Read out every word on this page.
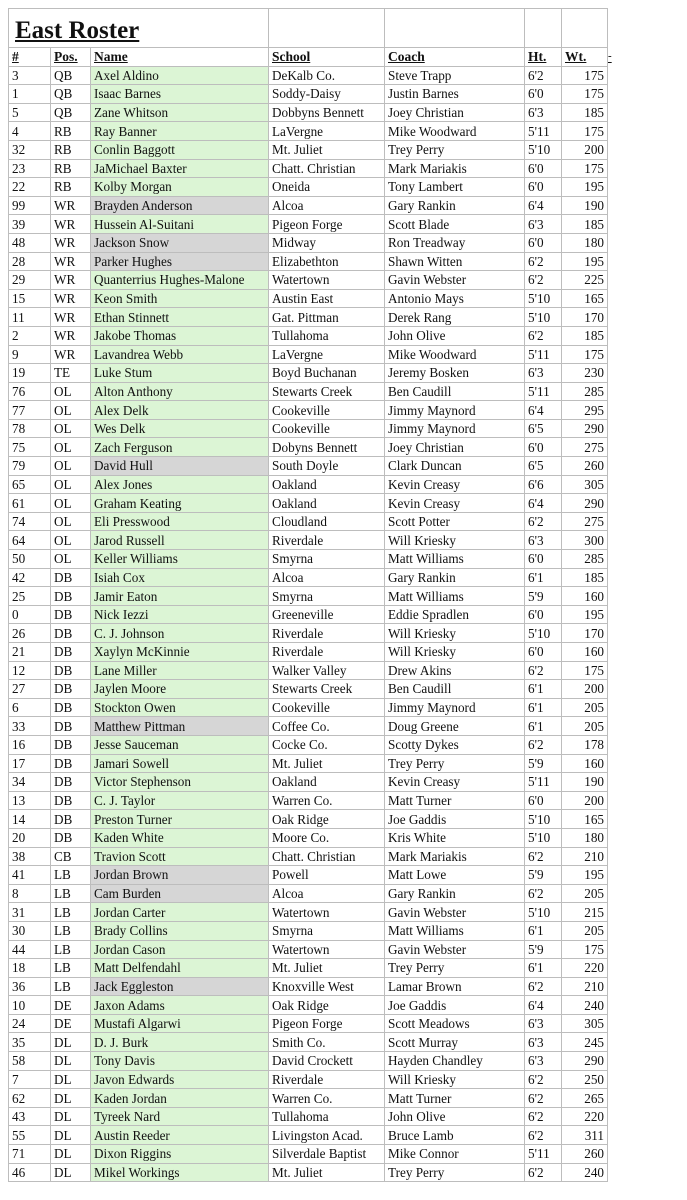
East Roster							
#	Pos.	Name	School	Coach	Ht.	Wt.	-
3	QB	Axel Aldino	DeKalb Co.	Steve Trapp	6'2	175	
1	QB	Isaac Barnes	Soddy-Daisy	Justin Barnes	6'0	175	
5	QB	Zane Whitson	Dobbyns Bennett	Joey Christian	6'3	185	
4	RB	Ray Banner	LaVergne	Mike Woodward	5'11	175	
32	RB	Conlin Baggott	Mt. Juliet	Trey Perry	5'10	200	
23	RB	JaMichael Baxter	Chatt. Christian	Mark Mariakis	6'0	175	
22	RB	Kolby Morgan	Oneida	Tony Lambert	6'0	195	
99	WR	Brayden Anderson	Alcoa	Gary Rankin	6'4	190	
39	WR	Hussein Al-Suitani	Pigeon Forge	Scott Blade	6'3	185	
48	WR	Jackson Snow	Midway	Ron Treadway	6'0	180	
28	WR	Parker Hughes	Elizabethton	Shawn Witten	6'2	195	
29	WR	Quanterrius Hughes-Malone	Watertown	Gavin Webster	6'2	225	
15	WR	Keon Smith	Austin East	Antonio Mays	5'10	165	
11	WR	Ethan Stinnett	Gat. Pittman	Derek Rang	5'10	170	
2	WR	Jakobe Thomas	Tullahoma	John Olive	6'2	185	
9	WR	Lavandrea Webb	LaVergne	Mike Woodward	5'11	175	
19	TE	Luke Stum	Boyd Buchanan	Jeremy Bosken	6'3	230	
76	OL	Alton Anthony	Stewarts Creek	Ben Caudill	5'11	285	
77	OL	Alex Delk	Cookeville	Jimmy Maynord	6'4	295	
78	OL	Wes Delk	Cookeville	Jimmy Maynord	6'5	290	
75	OL	Zach Ferguson	Dobyns Bennett	Joey Christian	6'0	275	
79	OL	David Hull	South Doyle	Clark Duncan	6'5	260	
65	OL	Alex Jones	Oakland	Kevin Creasy	6'6	305	
61	OL	Graham Keating	Oakland	Kevin Creasy	6'4	290	
74	OL	Eli Presswood	Cloudland	Scott Potter	6'2	275	
64	OL	Jarod Russell	Riverdale	Will Kriesky	6'3	300	
50	OL	Keller Williams	Smyrna	Matt Williams	6'0	285	
42	DB	Isiah Cox	Alcoa	Gary Rankin	6'1	185	
25	DB	Jamir Eaton	Smyrna	Matt Williams	5'9	160	
0	DB	Nick Iezzi	Greeneville	Eddie Spradlen	6'0	195	
26	DB	C. J. Johnson	Riverdale	Will Kriesky	5'10	170	
21	DB	Xaylyn McKinnie	Riverdale	Will Kriesky	6'0	160	
12	DB	Lane Miller	Walker Valley	Drew Akins	6'2	175	
27	DB	Jaylen Moore	Stewarts Creek	Ben Caudill	6'1	200	
6	DB	Stockton Owen	Cookeville	Jimmy Maynord	6'1	205	
33	DB	Matthew Pittman	Coffee Co.	Doug Greene	6'1	205	
16	DB	Jesse Sauceman	Cocke Co.	Scotty Dykes	6'2	178	
17	DB	Jamari Sowell	Mt. Juliet	Trey Perry	5'9	160	
34	DB	Victor Stephenson	Oakland	Kevin Creasy	5'11	190	
13	DB	C. J. Taylor	Warren Co.	Matt Turner	6'0	200	
14	DB	Preston Turner	Oak Ridge	Joe Gaddis	5'10	165	
20	DB	Kaden White	Moore Co.	Kris White	5'10	180	
38	CB	Travion Scott	Chatt. Christian	Mark Mariakis	6'2	210	
41	LB	Jordan Brown	Powell	Matt Lowe	5'9	195	
8	LB	Cam Burden	Alcoa	Gary Rankin	6'2	205	
31	LB	Jordan Carter	Watertown	Gavin Webster	5'10	215	
30	LB	Brady Collins	Smyrna	Matt Williams	6'1	205	
44	LB	Jordan Cason	Watertown	Gavin Webster	5'9	175	
18	LB	Matt Delfendahl	Mt. Juliet	Trey Perry	6'1	220	
36	LB	Jack Eggleston	Knoxville West	Lamar Brown	6'2	210	
10	DE	Jaxon Adams	Oak Ridge	Joe Gaddis	6'4	240	
24	DE	Mustafi Algarwi	Pigeon Forge	Scott Meadows	6'3	305	
35	DL	D. J. Burk	Smith Co.	Scott Murray	6'3	245	
58	DL	Tony Davis	David Crockett	Hayden Chandley	6'3	290	
7	DL	Javon Edwards	Riverdale	Will Kriesky	6'2	250	
62	DL	Kaden Jordan	Warren Co.	Matt Turner	6'2	265	
43	DL	Tyreek Nard	Tullahoma	John Olive	6'2	220	
55	DL	Austin Reeder	Livingston Acad.	Bruce Lamb	6'2	311	
71	DL	Dixon Riggins	Silverdale Baptist	Mike Connor	5'11	260	
46	DL	Mikel Workings	Mt. Juliet	Trey Perry	6'2	240	
